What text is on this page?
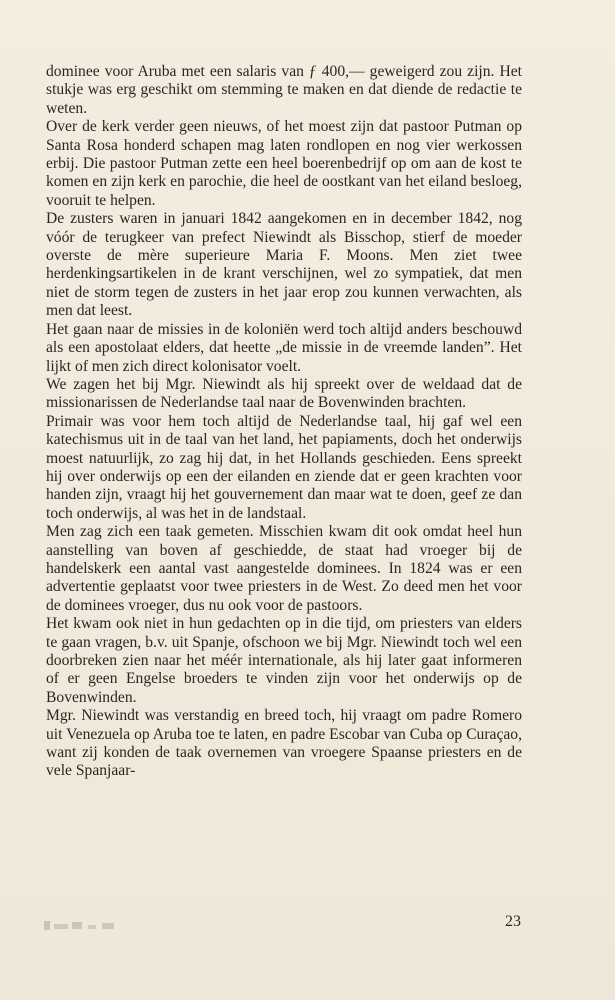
dominee voor Aruba met een salaris van ƒ 400,— geweigerd zou zijn. Het stukje was erg geschikt om stemming te maken en dat diende de redactie te weten.

Over de kerk verder geen nieuws, of het moest zijn dat pastoor Putman op Santa Rosa honderd schapen mag laten rondlopen en nog vier werkossen erbij. Die pastoor Putman zette een heel boerenbedrijf op om aan de kost te komen en zijn kerk en parochie, die heel de oostkant van het eiland besloeg, vooruit te helpen.

De zusters waren in januari 1842 aangekomen en in december 1842, nog vóór de terugkeer van prefect Niewindt als Bisschop, stierf de moeder overste de mère superieure Maria F. Moons. Men ziet twee herdenkingsartikelen in de krant verschijnen, wel zo sympatiek, dat men niet de storm tegen de zusters in het jaar erop zou kunnen verwachten, als men dat leest.

Het gaan naar de missies in de koloniën werd toch altijd anders beschouwd als een apostolaat elders, dat heette „de missie in de vreemde landen”. Het lijkt of men zich direct kolonisator voelt.

We zagen het bij Mgr. Niewindt als hij spreekt over de weldaad dat de missionarissen de Nederlandse taal naar de Bovenwinden brachten.

Primair was voor hem toch altijd de Nederlandse taal, hij gaf wel een katechismus uit in de taal van het land, het papiaments, doch het onderwijs moest natuurlijk, zo zag hij dat, in het Hollands geschieden. Eens spreekt hij over onderwijs op een der eilanden en ziende dat er geen krachten voor handen zijn, vraagt hij het gouvernement dan maar wat te doen, geef ze dan toch onderwijs, al was het in de landstaal.

Men zag zich een taak gemeten. Misschien kwam dit ook omdat heel hun aanstelling van boven af geschiedde, de staat had vroeger bij de handelskerk een aantal vast aangestelde dominees. In 1824 was er een advertentie geplaatst voor twee priesters in de West. Zo deed men het voor de dominees vroeger, dus nu ook voor de pastoors.

Het kwam ook niet in hun gedachten op in die tijd, om priesters van elders te gaan vragen, b.v. uit Spanje, ofschoon we bij Mgr. Niewindt toch wel een doorbreken zien naar het méér internationale, als hij later gaat informeren of er geen Engelse broeders te vinden zijn voor het onderwijs op de Bovenwinden.

Mgr. Niewindt was verstandig en breed toch, hij vraagt om padre Romero uit Venezuela op Aruba toe te laten, en padre Escobar van Cuba op Curaçao, want zij konden de taak overnemen van vroegere Spaanse priesters en de vele Spanjaar-

23
